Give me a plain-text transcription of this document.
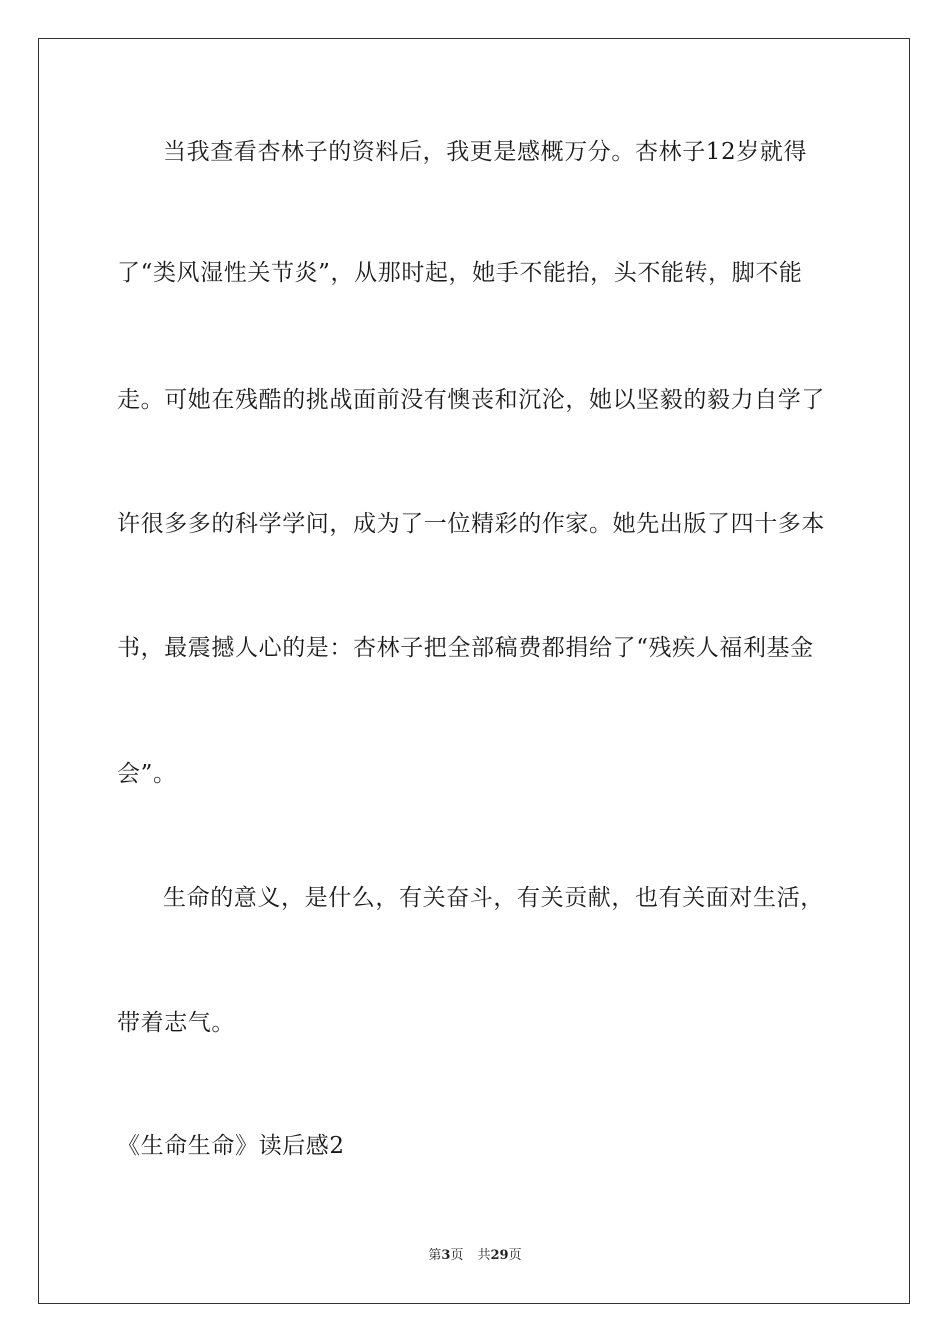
当我查看杏林子的资料后，我更是感概万分。杏林子12岁就得
了“类风湿性关节炎”，从那时起，她手不能抬，头不能转，脚不能
走。可她在残酷的挑战面前没有懊丧和沉沦，她以坚毅的毅力自学了
许很多多的科学学问，成为了一位精彩的作家。她先出版了四十多本
书，最震撼人心的是：杏林子把全部稿费都捐给了“残疾人福利基金
会”。
生命的意义，是什么，有关奋斗，有关贡献，也有关面对生活，
带着志气。
《生命生命》读后感2
第3页 共29页
